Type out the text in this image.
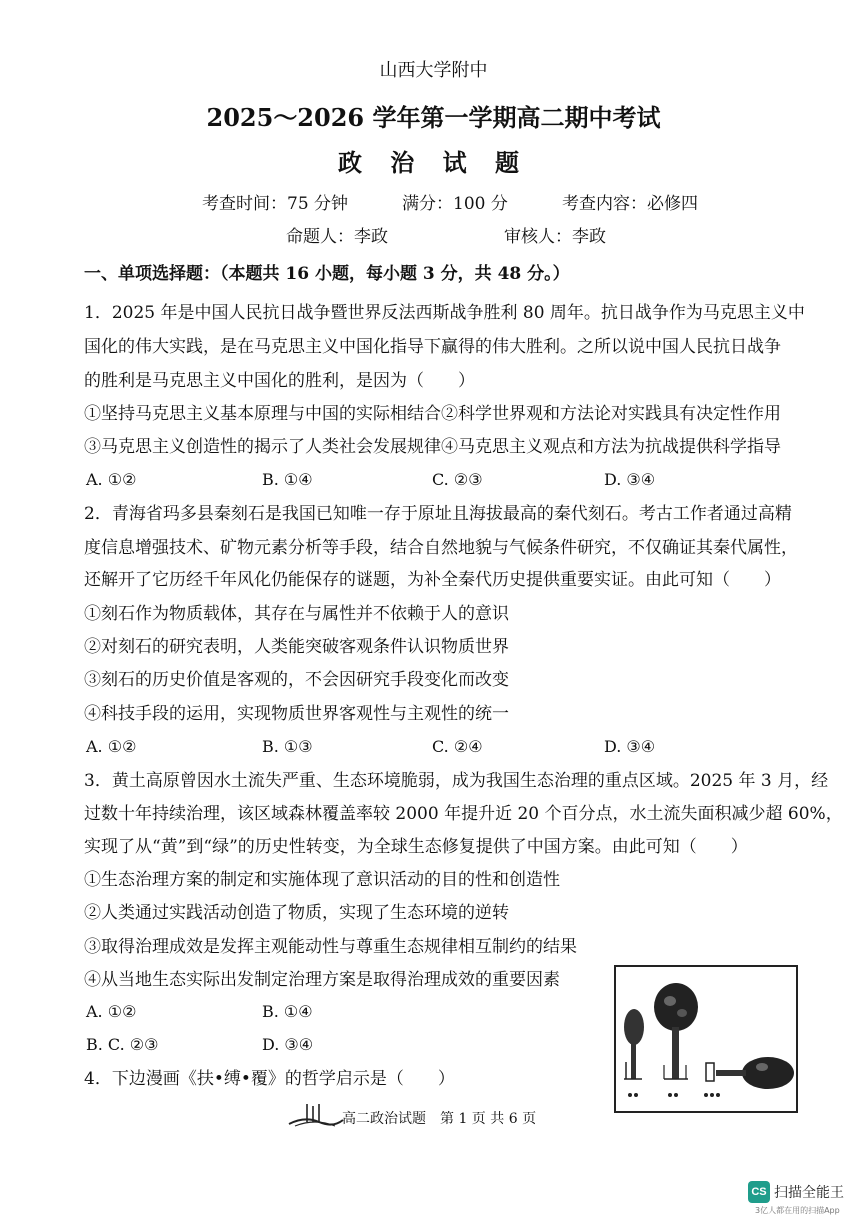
山西大学附中
2025～2026 学年第一学期高二期中考试
政 治 试 题
考查时间：75 分钟	满分：100 分	考查内容：必修四
命题人：李政	审核人：李政
一、单项选择题：（本题共 16 小题，每小题 3 分，共 48 分。）
1．2025 年是中国人民抗日战争暨世界反法西斯战争胜利 80 周年。抗日战争作为马克思主义中
国化的伟大实践，是在马克思主义中国化指导下赢得的伟大胜利。之所以说中国人民抗日战争
的胜利是马克思主义中国化的胜利，是因为（　　）
①坚持马克思主义基本原理与中国的实际相结合②科学世界观和方法论对实践具有决定性作用
③马克思主义创造性的揭示了人类社会发展规律④马克思主义观点和方法为抗战提供科学指导
A. ①②	B. ①④	C. ②③	D. ③④
2．青海省玛多县秦刻石是我国已知唯一存于原址且海拔最高的秦代刻石。考古工作者通过高精
度信息增强技术、矿物元素分析等手段，结合自然地貌与气候条件研究，不仅确证其秦代属性，
还解开了它历经千年风化仍能保存的谜题，为补全秦代历史提供重要实证。由此可知（　　）
①刻石作为物质载体，其存在与属性并不依赖于人的意识
②对刻石的研究表明，人类能突破客观条件认识物质世界
③刻石的历史价值是客观的，不会因研究手段变化而改变
④科技手段的运用，实现物质世界客观性与主观性的统一
A. ①②	B. ①③	C. ②④	D. ③④
3．黄土高原曾因水土流失严重、生态环境脆弱，成为我国生态治理的重点区域。2025 年 3 月，经
过数十年持续治理，该区域森林覆盖率较 2000 年提升近 20 个百分点，水土流失面积减少超 60%，
实现了从“黄”到“绿”的历史性转变，为全球生态修复提供了中国方案。由此可知（　　）
①生态治理方案的制定和实施体现了意识活动的目的性和创造性
②人类通过实践活动创造了物质，实现了生态环境的逆转
③取得治理成效是发挥主观能动性与尊重生态规律相互制约的结果
④从当地生态实际出发制定治理方案是取得治理成效的重要因素
A. ①②	B. ①④
B. C. ②③	D. ③④
4．下边漫画《扶•缚•覆》的哲学启示是（　　）
高二政治试题　第 1 页 共 6 页
CS 扫描全能王
3亿人都在用的扫描App
